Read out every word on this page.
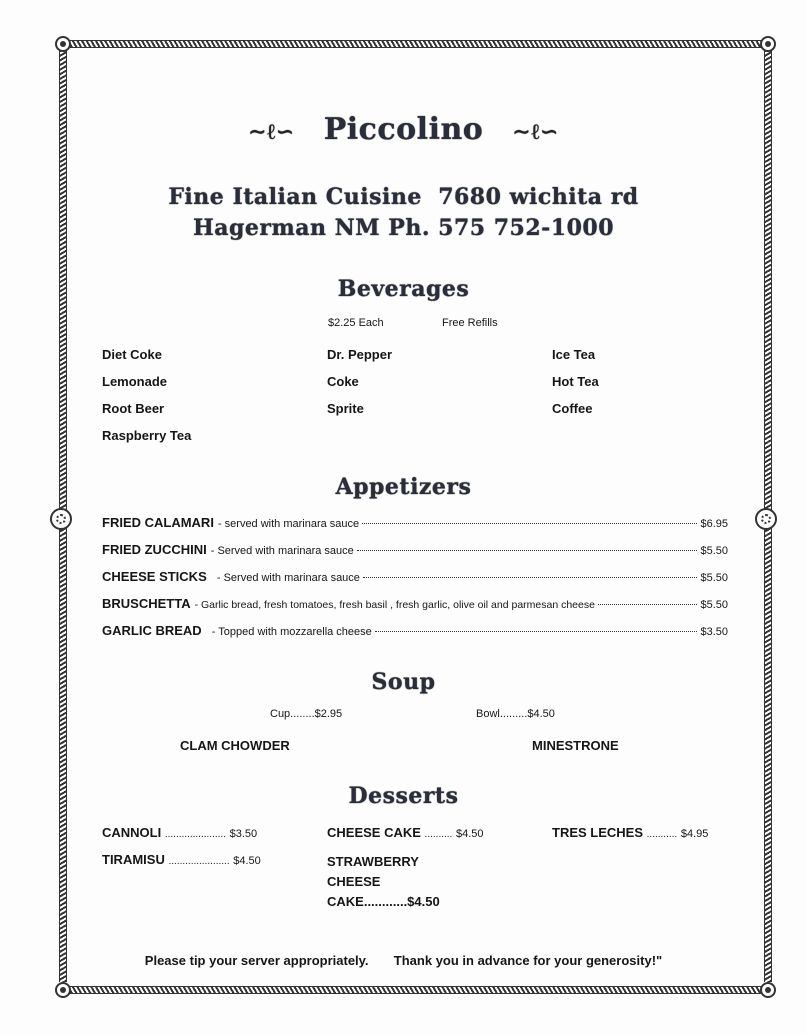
∼ℓ∽ Piccolino ∼ℓ∽
Fine Italian Cuisine  7680 wichita rd
Hagerman NM Ph. 575 752-1000
Beverages
$2.25 Each	Free Refills
Diet Coke
Lemonade
Root Beer
Raspberry Tea
Dr. Pepper
Coke
Sprite
Ice Tea
Hot Tea
Coffee
Appetizers
FRIED CALAMARI - served with marinara sauce	$6.95
FRIED ZUCCHINI - Served with marinara sauce	$5.50
CHEESE STICKS - Served with marinara sauce	$5.50
BRUSCHETTA - Garlic bread, fresh tomatoes, fresh basil , fresh garlic, olive oil and parmesan cheese	$5.50
GARLIC BREAD - Topped with mozzarella cheese	$3.50
Soup
Cup........$2.95	Bowl.........$4.50
CLAM CHOWDER	MINESTRONE
Desserts
CANNOLI ...................... $3.50
TIRAMISU ...................... $4.50
CHEESE CAKE .......... $4.50
STRAWBERRY
CHEESE
CAKE............$4.50
TRES LECHES ........... $4.95
Please tip your server appropriately. Thank you in advance for your generosity!"
